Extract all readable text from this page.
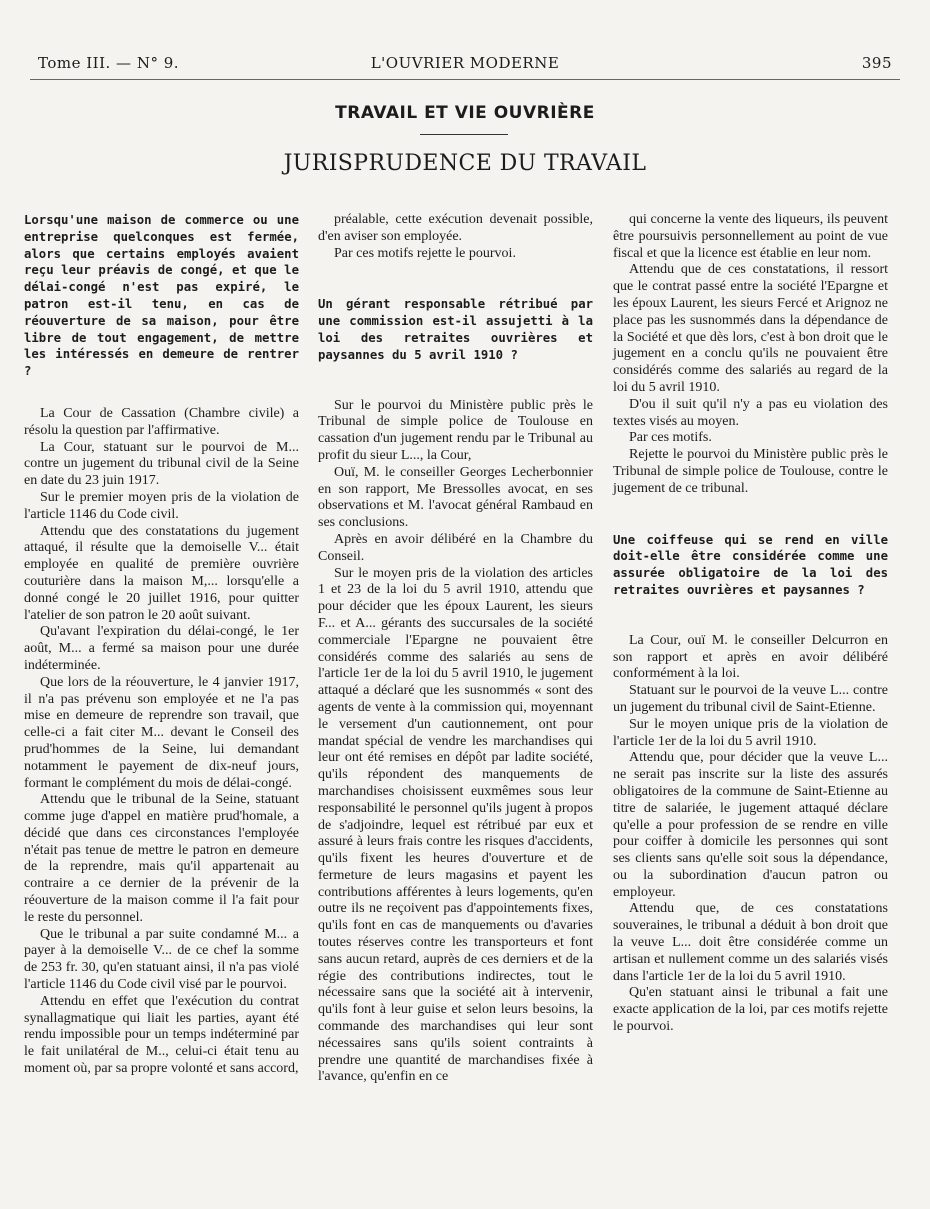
Tome III. — N° 9.	L'OUVRIER MODERNE	395
TRAVAIL ET VIE OUVRIÈRE
JURISPRUDENCE DU TRAVAIL

Lorsqu'une maison de commerce ou une entreprise quelconques est fermée, alors que certains employés avaient reçu leur préavis de congé, et que le délai-congé n'est pas expiré, le patron est-il tenu, en cas de réouverture de sa maison, pour être libre de tout engagement, de mettre les intéressés en demeure de rentrer ?

La Cour de Cassation (Chambre civile) a résolu la question par l'affirmative.

La Cour, statuant sur le pourvoi de M... contre un jugement du tribunal civil de la Seine en date du 23 juin 1917.

Sur le premier moyen pris de la violation de l'article 1146 du Code civil.

Attendu que des constatations du jugement attaqué, il résulte que la demoiselle V... était employée en qualité de première ouvrière couturière dans la maison M,... lorsqu'elle a donné congé le 20 juillet 1916, pour quitter l'atelier de son patron le 20 août suivant.

Qu'avant l'expiration du délai-congé, le 1er août, M... a fermé sa maison pour une durée indéterminée.

Que lors de la réouverture, le 4 janvier 1917, il n'a pas prévenu son employée et ne l'a pas mise en demeure de reprendre son travail, que celle-ci a fait citer M... devant le Conseil des prud'hommes de la Seine, lui demandant notamment le payement de dix-neuf jours, formant le complément du mois de délai-congé.

Attendu que le tribunal de la Seine, statuant comme juge d'appel en matière prud'homale, a décidé que dans ces circonstances l'employée n'était pas tenue de mettre le patron en demeure de la reprendre, mais qu'il appartenait au contraire a ce dernier de la prévenir de la réouverture de la maison comme il l'a fait pour le reste du personnel.

Que le tribunal a par suite condamné M... a payer à la demoiselle V... de ce chef la somme de 253 fr. 30, qu'en statuant ainsi, il n'a pas violé l'article 1146 du Code civil visé par le pourvoi.

Attendu en effet que l'exécution du contrat synallagmatique qui liait les parties, ayant été rendu impossible pour un temps indéterminé par le fait unilatéral de M.., celui-ci était tenu au moment où, par sa propre volonté et sans accord,

préalable, cette exécution devenait possible, d'en aviser son employée.

Par ces motifs rejette le pourvoi.

Un gérant responsable rétribué par une commission est-il assujetti à la loi des retraites ouvrières et paysannes du 5 avril 1910 ?

Sur le pourvoi du Ministère public près le Tribunal de simple police de Toulouse en cassation d'un jugement rendu par le Tribunal au profit du sieur L..., la Cour,

Ouï, M. le conseiller Georges Lecherbonnier en son rapport, Me Bressolles avocat, en ses observations et M. l'avocat général Rambaud en ses conclusions.

Après en avoir délibéré en la Chambre du Conseil.

Sur le moyen pris de la violation des articles 1 et 23 de la loi du 5 avril 1910, attendu que pour décider que les époux Laurent, les sieurs F... et A... gérants des succursales de la société commerciale l'Epargne ne pouvaient être considérés comme des salariés au sens de l'article 1er de la loi du 5 avril 1910, le jugement attaqué a déclaré que les susnommés « sont des agents de vente à la commission qui, moyennant le versement d'un cautionnement, ont pour mandat spécial de vendre les marchandises qui leur ont été remises en dépôt par ladite société, qu'ils répondent des manquements de marchandises choisissent euxmêmes sous leur responsabilité le personnel qu'ils jugent à propos de s'adjoindre, lequel est rétribué par eux et assuré à leurs frais contre les risques d'accidents, qu'ils fixent les heures d'ouverture et de fermeture de leurs magasins et payent les contributions afférentes à leurs logements, qu'en outre ils ne reçoivent pas d'appointements fixes, qu'ils font en cas de manquements ou d'avaries toutes réserves contre les transporteurs et font sans aucun retard, auprès de ces derniers et de la régie des contributions indirectes, tout le nécessaire sans que la société ait à intervenir, qu'ils font à leur guise et selon leurs besoins, la commande des marchandises qui leur sont nécessaires sans qu'ils soient contraints à prendre une quantité de marchandises fixée à l'avance, qu'enfin en ce

qui concerne la vente des liqueurs, ils peuvent être poursuivis personnellement au point de vue fiscal et que la licence est établie en leur nom.

Attendu que de ces constatations, il ressort que le contrat passé entre la société l'Epargne et les époux Laurent, les sieurs Fercé et Arignoz ne place pas les susnommés dans la dépendance de la Société et que dès lors, c'est à bon droit que le jugement en a conclu qu'ils ne pouvaient être considérés comme des salariés au regard de la loi du 5 avril 1910.

D'ou il suit qu'il n'y a pas eu violation des textes visés au moyen.

Par ces motifs.

Rejette le pourvoi du Ministère public près le Tribunal de simple police de Toulouse, contre le jugement de ce tribunal.

Une coiffeuse qui se rend en ville doit-elle être considérée comme une assurée obligatoire de la loi des retraites ouvrières et paysannes ?

La Cour, ouï M. le conseiller Delcurron en son rapport et après en avoir délibéré conformément à la loi.

Statuant sur le pourvoi de la veuve L... contre un jugement du tribunal civil de Saint-Etienne.

Sur le moyen unique pris de la violation de l'article 1er de la loi du 5 avril 1910.

Attendu que, pour décider que la veuve L... ne serait pas inscrite sur la liste des assurés obligatoires de la commune de Saint-Etienne au titre de salariée, le jugement attaqué déclare qu'elle a pour profession de se rendre en ville pour coiffer à domicile les personnes qui sont ses clients sans qu'elle soit sous la dépendance, ou la subordination d'aucun patron ou employeur.

Attendu que, de ces constatations souveraines, le tribunal a déduit à bon droit que la veuve L... doit être considérée comme un artisan et nullement comme un des salariés visés dans l'article 1er de la loi du 5 avril 1910.

Qu'en statuant ainsi le tribunal a fait une exacte application de la loi, par ces motifs rejette le pourvoi.
